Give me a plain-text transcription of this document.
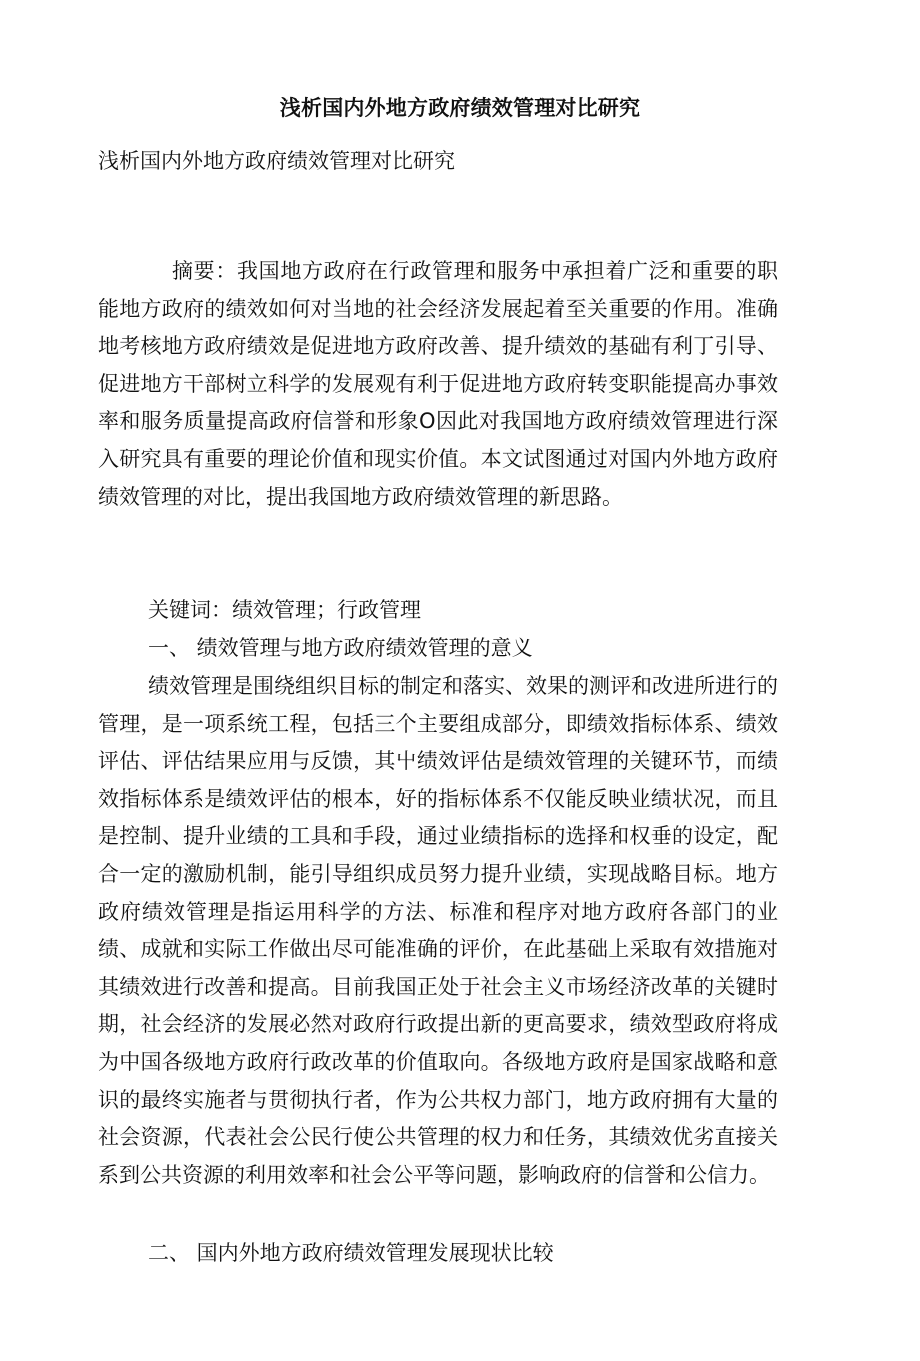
浅析国内外地方政府绩效管理对比研究
浅析国内外地方政府绩效管理对比研究

摘要：我国地方政府在行政管理和服务中承担着广泛和重要的职能地方政府的绩效如何对当地的社会经济发展起着至关重要的作用。准确地考核地方政府绩效是促进地方政府改善、提升绩效的基础有利丁引导、促进地方干部树立科学的发展观有利于促进地方政府转变职能提高办事效率和服务质量提高政府信誉和形象O因此对我国地方政府绩效管理进行深入研究具有重要的理论价值和现实价值。本文试图通过对国内外地方政府绩效管理的对比，提出我国地方政府绩效管理的新思路。

关键词：绩效管理；行政管理

一、 绩效管理与地方政府绩效管理的意义

绩效管理是围绕组织目标的制定和落实、效果的测评和改进所进行的管理，是一项系统工程，包括三个主要组成部分，即绩效指标体系、绩效评估、评估结果应用与反馈，其屮绩效评估是绩效管理的关键环节，而绩效指标体系是绩效评估的根本，好的指标体系不仅能反映业绩状况，而且是控制、提升业绩的工具和手段，通过业绩指标的选择和权垂的设定，配合一定的激励机制，能引导组织成员努力提升业绩，实现战略目标。地方政府绩效管理是指运用科学的方法、标准和程序对地方政府各部门的业绩、成就和实际工作做出尽可能准确的评价，在此基础上采取有效措施对其绩效进行改善和提高。目前我国正处于社会主义市场经济改革的关键时期，社会经济的发展必然对政府行政提出新的更高要求，绩效型政府将成为中国各级地方政府行政改革的价值取向。各级地方政府是国家战略和意识的最终实施者与贯彻执行者，作为公共权力部门，地方政府拥有大量的社会资源，代表社会公民行使公共管理的权力和任务，其绩效优劣直接关系到公共资源的利用效率和社会公平等问题，影响政府的信誉和公信力。

二、 国内外地方政府绩效管理发展现状比较
